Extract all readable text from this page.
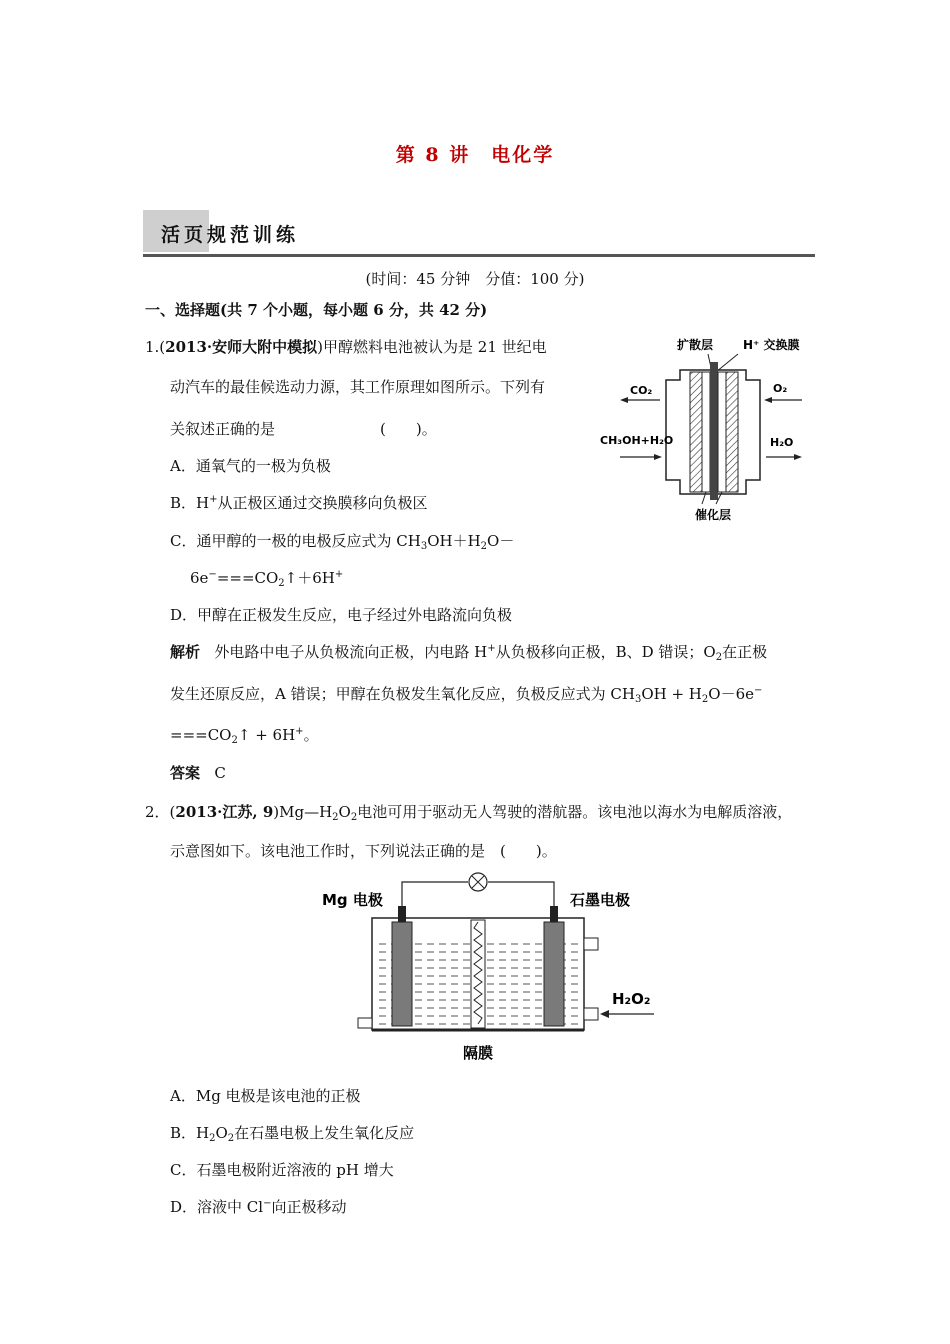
第 8 讲　电化学
活页规范训练
(时间：45 分钟　分值：100 分)
一、选择题(共 7 个小题，每小题 6 分，共 42 分)
1.(2013·安师大附中模拟)甲醇燃料电池被认为是 21 世纪电
动汽车的最佳候选动力源，其工作原理如图所示。下列有
关叙述正确的是　　　　　　　(　　)。
A．通氧气的一极为负极
B．H+从正极区通过交换膜移向负极区
C．通甲醇的一极的电极反应式为 $CH_3OH+H_2O-$
$6e^-===CO_2↑+6H^+$
D．甲醇在正极发生反应，电子经过外电路流向负极
解析 外电路中电子从负极流向正极，内电路 H+从负极移向正极，B、D 错误；$O_2$在正极
发生还原反应，A 错误；甲醇在负极发生氧化反应，负极反应式为 $CH_3OH + H_2O-6e^-$
$===CO_2↑ + 6H^+$。
答案 C
扩散层 H⁺ 交换膜
CO₂	O₂
CH₃OH+H₂O	H₂O
催化层
2．(2013·江苏, $9)Mg—H_2O_2$电池可用于驱动无人驾驶的潜航器。该电池以海水为电解质溶液，
示意图如下。该电池工作时，下列说法正确的是　(　　)。
Mg 电极	石墨电极
H₂O₂
隔膜
A．Mg 电极是该电池的正极
B．$H_2O_2$在石墨电极上发生氧化反应
C．石墨电极附近溶液的 pH 增大
D．溶液中 Cl−向正极移动
